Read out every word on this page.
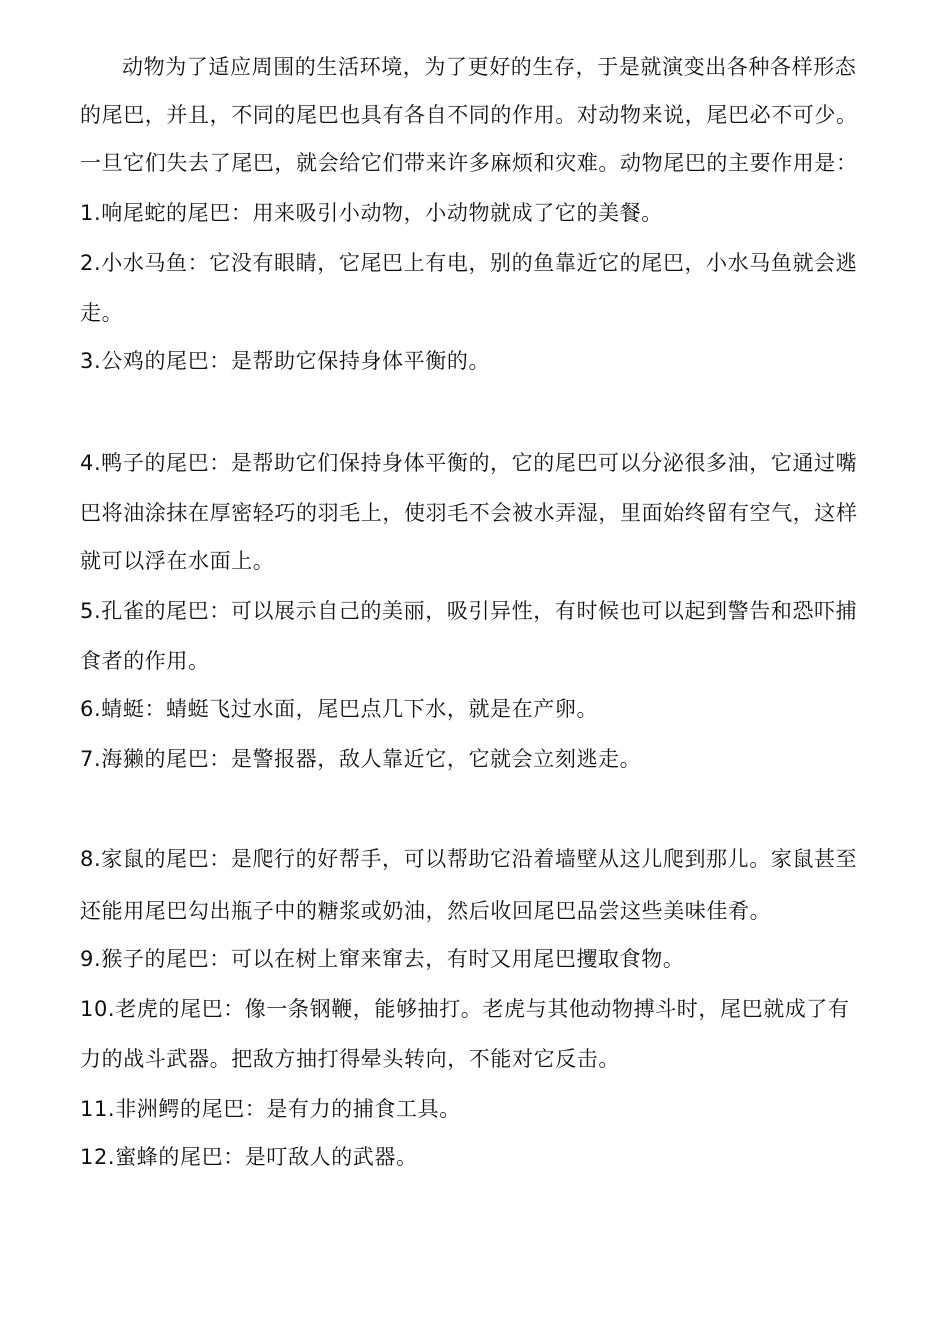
动物为了适应周围的生活环境，为了更好的生存，于是就演变出各种各样形态
的尾巴，并且，不同的尾巴也具有各自不同的作用。对动物来说，尾巴必不可少。
一旦它们失去了尾巴，就会给它们带来许多麻烦和灾难。动物尾巴的主要作用是：
1.响尾蛇的尾巴：用来吸引小动物，小动物就成了它的美餐。
2.小水马鱼：它没有眼睛，它尾巴上有电，别的鱼靠近它的尾巴，小水马鱼就会逃
走。
3.公鸡的尾巴：是帮助它保持身体平衡的。
4.鸭子的尾巴：是帮助它们保持身体平衡的，它的尾巴可以分泌很多油，它通过嘴
巴将油涂抹在厚密轻巧的羽毛上，使羽毛不会被水弄湿，里面始终留有空气，这样
就可以浮在水面上。
5.孔雀的尾巴：可以展示自己的美丽，吸引异性，有时候也可以起到警告和恐吓捕
食者的作用。
6.蜻蜓：蜻蜓飞过水面，尾巴点几下水，就是在产卵。
7.海獭的尾巴：是警报器，敌人靠近它，它就会立刻逃走。
8.家鼠的尾巴：是爬行的好帮手，可以帮助它沿着墙壁从这儿爬到那儿。家鼠甚至
还能用尾巴勾出瓶子中的糖浆或奶油，然后收回尾巴品尝这些美味佳肴。
9.猴子的尾巴：可以在树上窜来窜去，有时又用尾巴攫取食物。
10.老虎的尾巴：像一条钢鞭，能够抽打。老虎与其他动物搏斗时，尾巴就成了有
力的战斗武器。把敌方抽打得晕头转向，不能对它反击。
11.非洲鳄的尾巴：是有力的捕食工具。
12.蜜蜂的尾巴：是叮敌人的武器。
